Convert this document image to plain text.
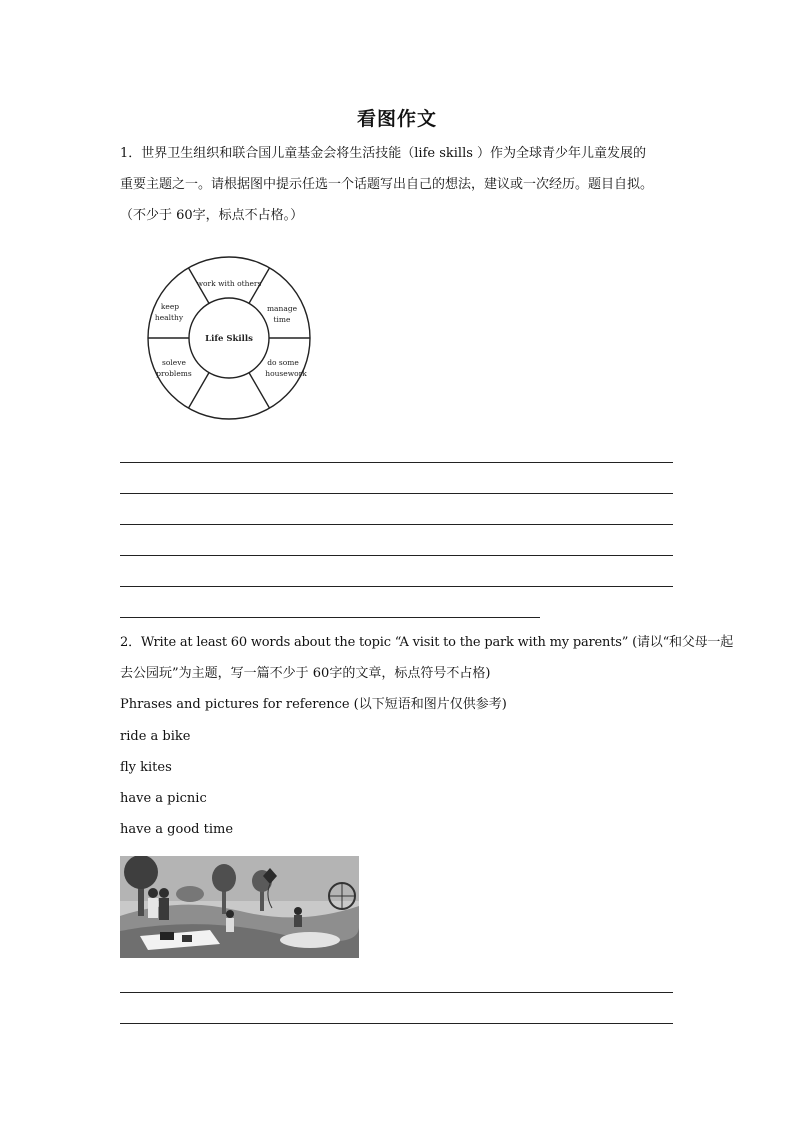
看图作文
1．世界卫生组织和联合国儿童基金会将生活技能（life skills ）作为全球青少年儿童发展的
重要主题之一。请根据图中提示任选一个话题写出自己的想法，建议或一次经历。题目自拟。
（不少于 60字，标点不占格。）
work with others
manage
time
do some
housework
soleve
problems
keep
healthy
Life Skills
2．Write at least 60 words about the topic “A visit to the park with my parents” (请以“和父母一起
去公园玩”为主题，写一篇不少于 60字的文章，标点符号不占格)
Phrases and pictures for reference (以下短语和图片仅供参考)
ride a bike
fly kites
have a picnic
have a good time
